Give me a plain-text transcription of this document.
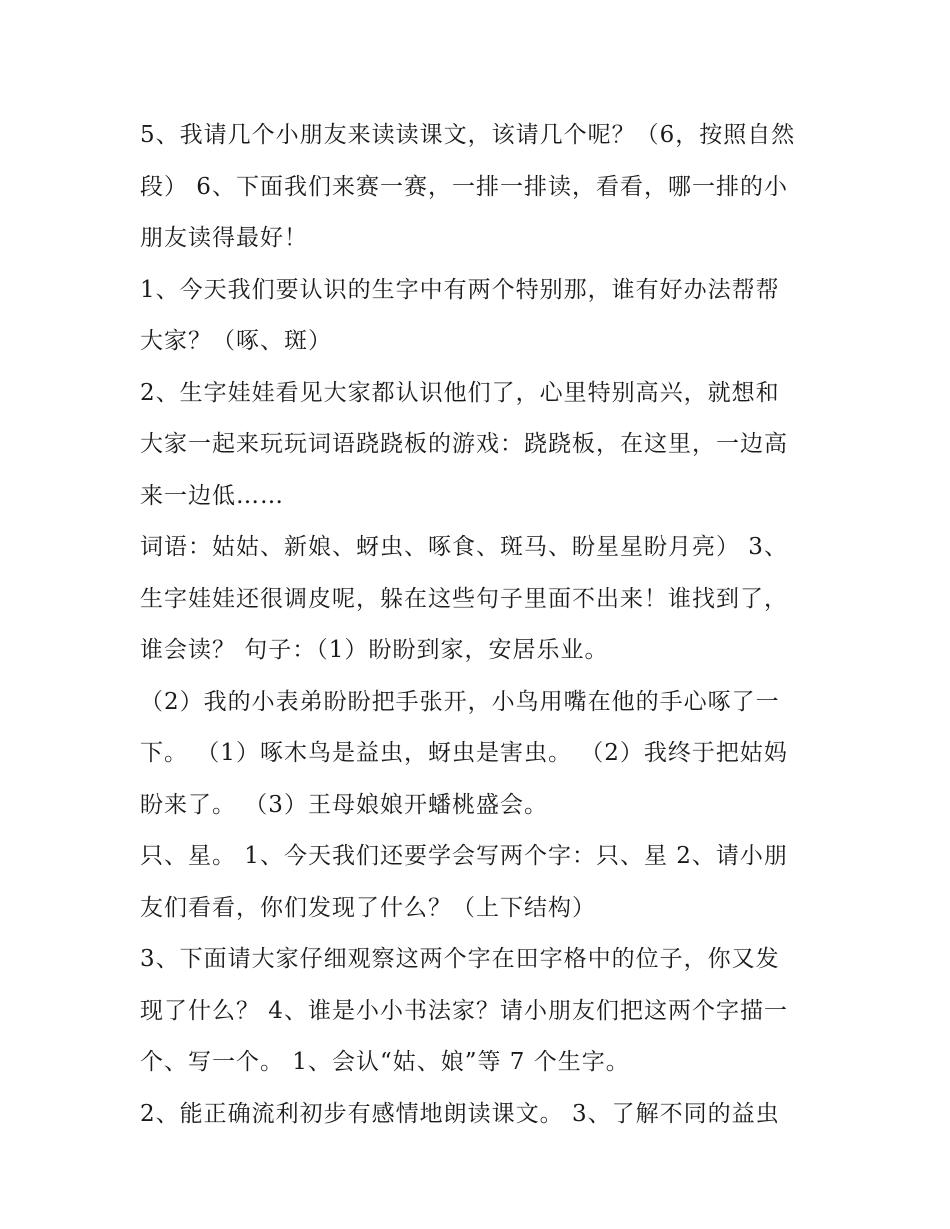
5、我请几个小朋友来读读课文，该请几个呢？（6，按照自然
段） 6、下面我们来赛一赛，一排一排读，看看，哪一排的小
朋友读得最好！

1、今天我们要认识的生字中有两个特别那，谁有好办法帮帮
大家？（啄、斑）

2、生字娃娃看见大家都认识他们了，心里特别高兴，就想和
大家一起来玩玩词语跷跷板的游戏：跷跷板，在这里，一边高
来一边低……

词语：姑姑、新娘、蚜虫、啄食、斑马、盼星星盼月亮） 3、
生字娃娃还很调皮呢，躲在这些句子里面不出来！谁找到了，
谁会读？ 句子：（1）盼盼到家，安居乐业。

（2）我的小表弟盼盼把手张开，小鸟用嘴在他的手心啄了一
下。 （1）啄木鸟是益虫，蚜虫是害虫。 （2）我终于把姑妈
盼来了。 （3）王母娘娘开蟠桃盛会。

只、星。 1、今天我们还要学会写两个字：只、星 2、请小朋
友们看看，你们发现了什么？（上下结构）

3、下面请大家仔细观察这两个字在田字格中的位子，你又发
现了什么？ 4、谁是小小书法家？请小朋友们把这两个字描一
个、写一个。 1、会认“姑、娘”等 7 个生字。

2、能正确流利初步有感情地朗读课文。 3、了解不同的益虫
